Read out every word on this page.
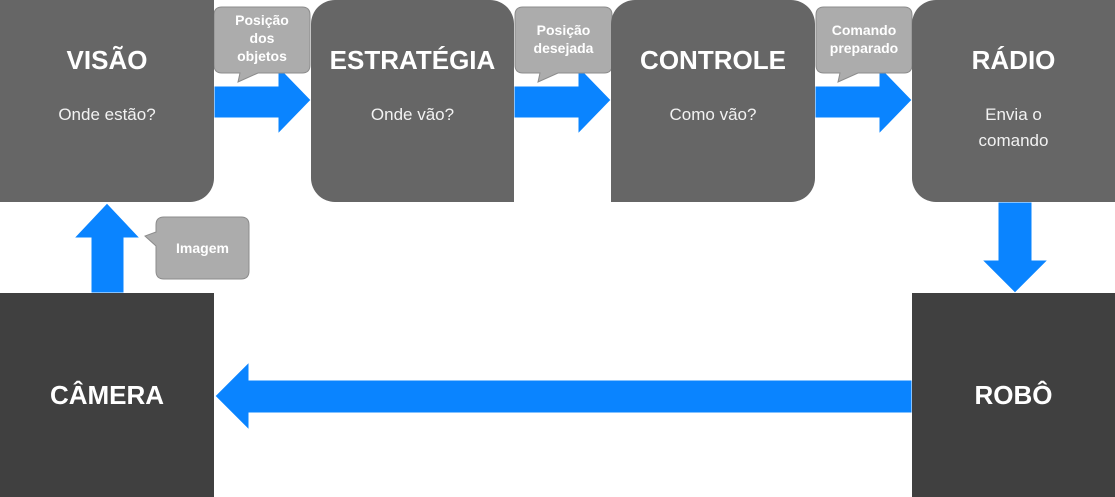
VISÃO
Onde estão?
ESTRATÉGIA
Onde vão?
CONTROLE
Como vão?
RÁDIO
Envia o
comando
CÂMERA	ROBÔ
Posição
dos
objetos
Posição
desejada
Comando
preparado
Imagem
